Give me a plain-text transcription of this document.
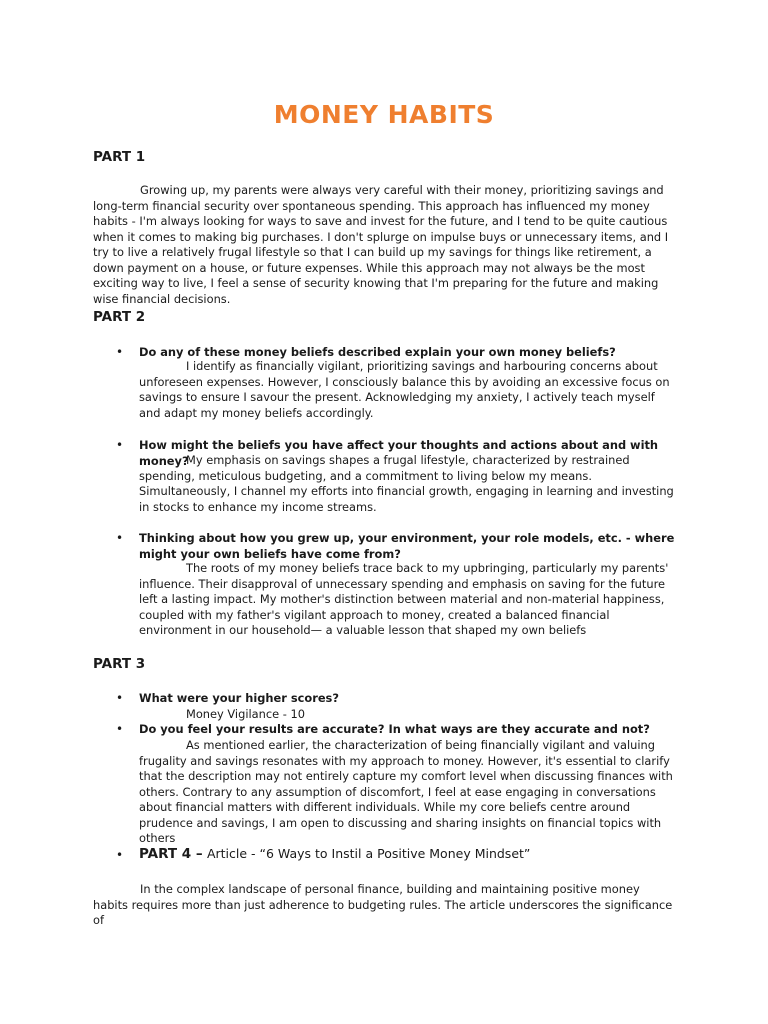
MONEY HABITS
PART 1

Growing up, my parents were always very careful with their money, prioritizing savings and long-term financial security over spontaneous spending. This approach has influenced my money habits - I'm always looking for ways to save and invest for the future, and I tend to be quite cautious when it comes to making big purchases. I don't splurge on impulse buys or unnecessary items, and I try to live a relatively frugal lifestyle so that I can build up my savings for things like retirement, a down payment on a house, or future expenses. While this approach may not always be the most exciting way to live, I feel a sense of security knowing that I'm preparing for the future and making wise financial decisions.

PART 2
• Do any of these money beliefs described explain your own money beliefs?

I identify as financially vigilant, prioritizing savings and harbouring concerns about unforeseen expenses. However, I consciously balance this by avoiding an excessive focus on savings to ensure I savour the present. Acknowledging my anxiety, I actively teach myself and adapt my money beliefs accordingly.

• How might the beliefs you have affect your thoughts and actions about and with money?

My emphasis on savings shapes a frugal lifestyle, characterized by restrained spending, meticulous budgeting, and a commitment to living below my means. Simultaneously, I channel my efforts into financial growth, engaging in learning and investing in stocks to enhance my income streams.

• Thinking about how you grew up, your environment, your role models, etc. - where might your own beliefs have come from?

The roots of my money beliefs trace back to my upbringing, particularly my parents' influence. Their disapproval of unnecessary spending and emphasis on saving for the future left a lasting impact. My mother's distinction between material and non-material happiness, coupled with my father's vigilant approach to money, created a balanced financial environment in our household— a valuable lesson that shaped my own beliefs

PART 3
• What were your higher scores?

Money Vigilance - 10

• Do you feel your results are accurate? In what ways are they accurate and not?

As mentioned earlier, the characterization of being financially vigilant and valuing frugality and savings resonates with my approach to money. However, it's essential to clarify that the description may not entirely capture my comfort level when discussing finances with others. Contrary to any assumption of discomfort, I feel at ease engaging in conversations about financial matters with different individuals. While my core beliefs centre around prudence and savings, I am open to discussing and sharing insights on financial topics with others

• PART 4 – Article - “6 Ways to Instil a Positive Money Mindset”

In the complex landscape of personal finance, building and maintaining positive money habits requires more than just adherence to budgeting rules. The article underscores the significance of
